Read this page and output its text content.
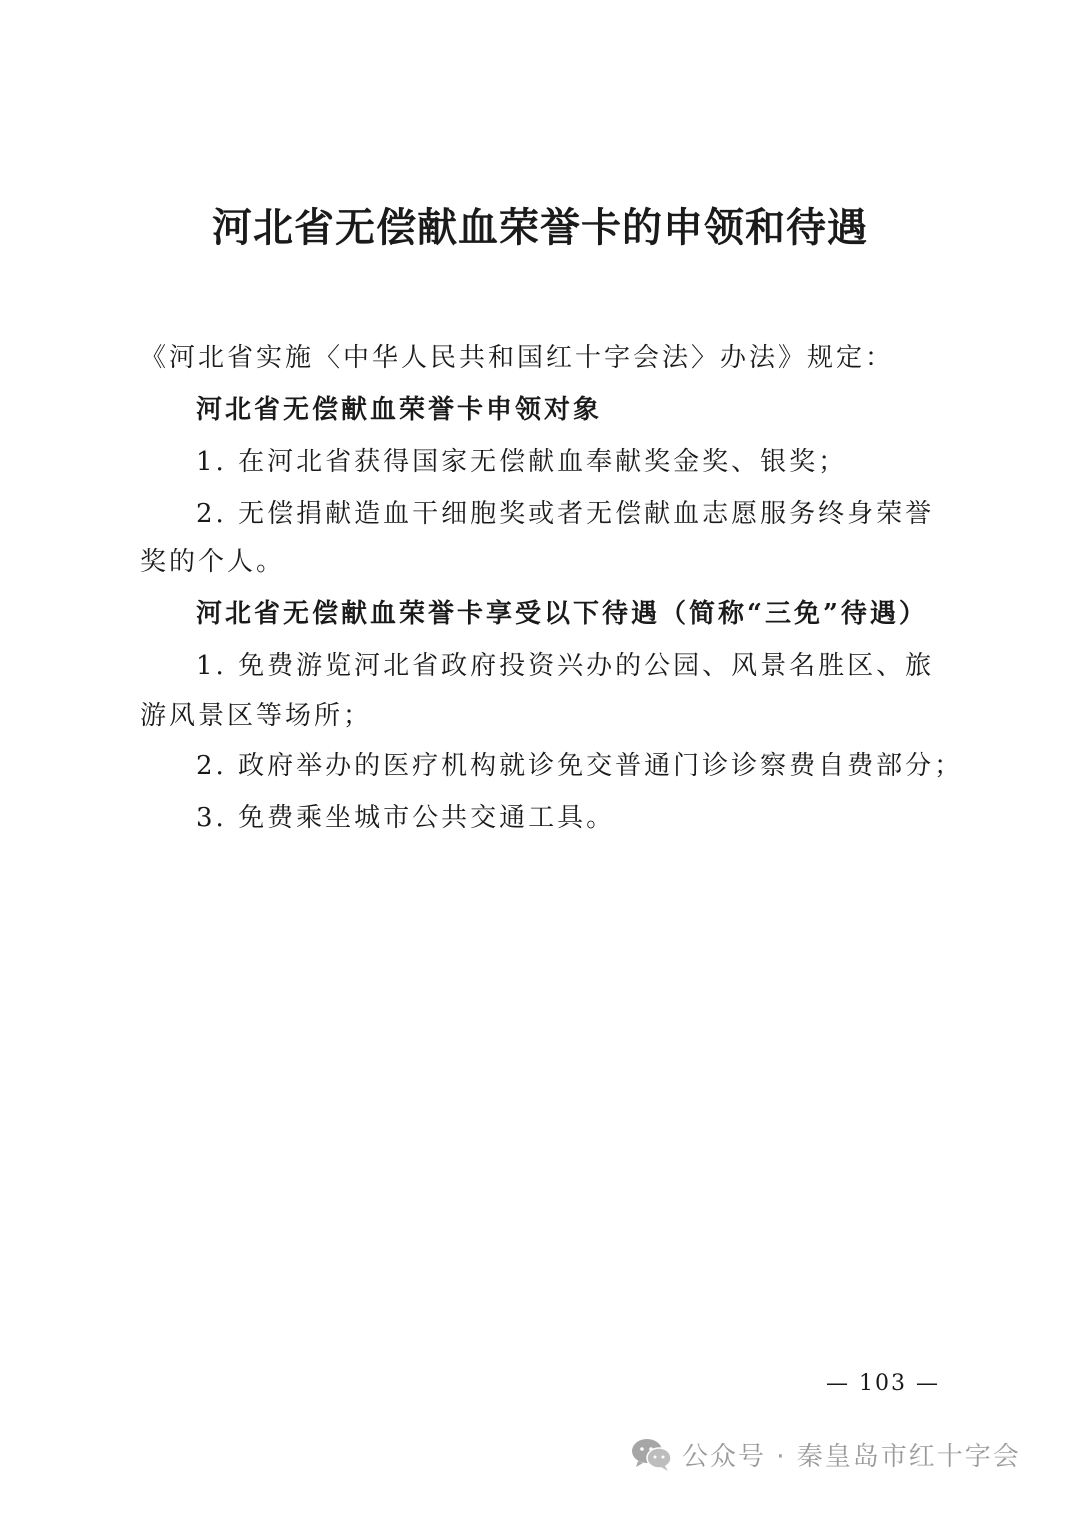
河北省无偿献血荣誉卡的申领和待遇
《河北省实施〈中华人民共和国红十字会法〉办法》规定：
河北省无偿献血荣誉卡申领对象
1. 在河北省获得国家无偿献血奉献奖金奖、银奖；
2. 无偿捐献造血干细胞奖或者无偿献血志愿服务终身荣誉
奖的个人。
河北省无偿献血荣誉卡享受以下待遇（简称“三免”待遇）
1. 免费游览河北省政府投资兴办的公园、风景名胜区、旅
游风景区等场所；
2. 政府举办的医疗机构就诊免交普通门诊诊察费自费部分；
3. 免费乘坐城市公共交通工具。
— 103 —
公众号 · 秦皇岛市红十字会
